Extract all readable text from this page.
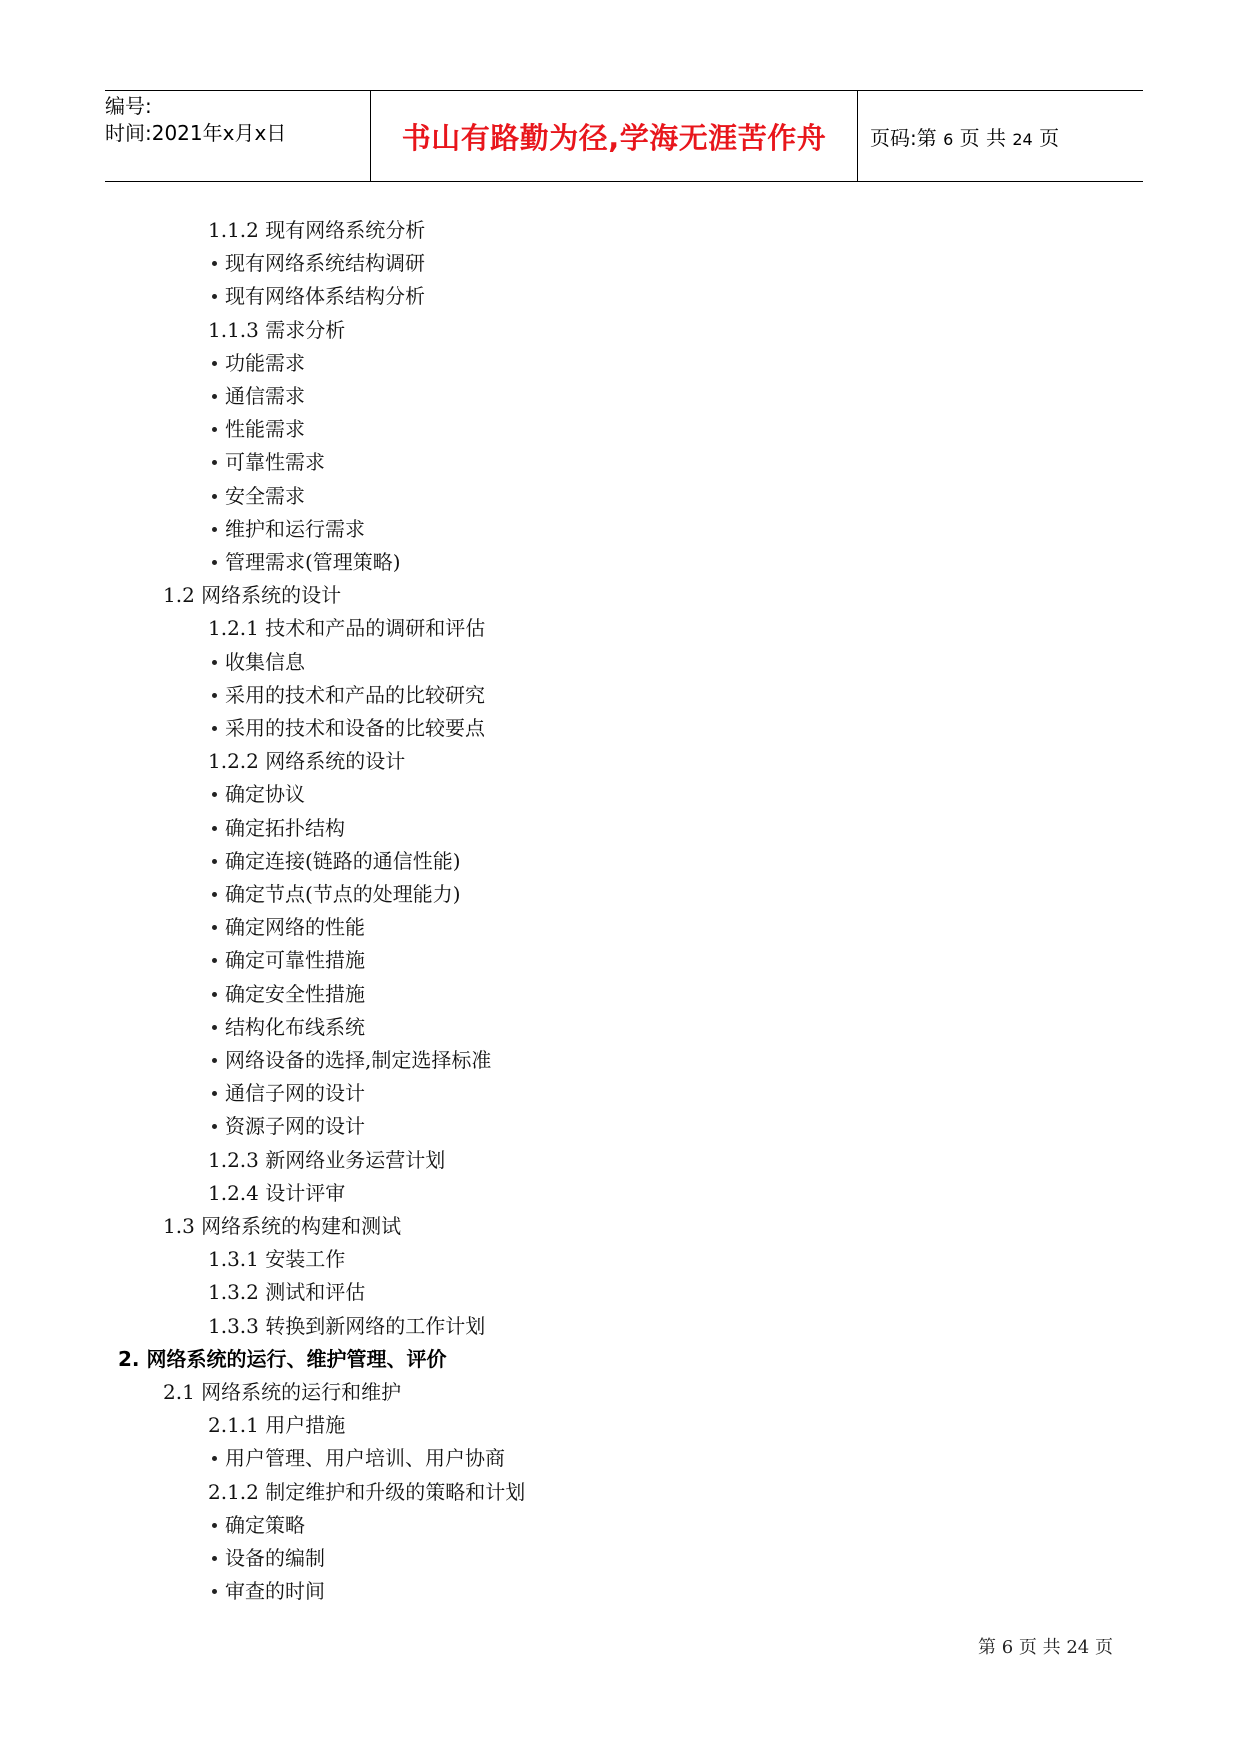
编号:
时间:2021年x月x日	书山有路勤为径,学海无涯苦作舟 页码:第 6 页 共 24 页
1.1.2 现有网络系统分析
现有网络系统结构调研
现有网络体系结构分析
1.1.3 需求分析
功能需求
通信需求
性能需求
可靠性需求
安全需求
维护和运行需求
管理需求(管理策略)
1.2 网络系统的设计
1.2.1 技术和产品的调研和评估
收集信息
采用的技术和产品的比较研究
采用的技术和设备的比较要点
1.2.2 网络系统的设计
确定协议
确定拓扑结构
确定连接(链路的通信性能)
确定节点(节点的处理能力)
确定网络的性能
确定可靠性措施
确定安全性措施
结构化布线系统
网络设备的选择,制定选择标准
通信子网的设计
资源子网的设计
1.2.3 新网络业务运营计划
1.2.4 设计评审
1.3 网络系统的构建和测试
1.3.1 安装工作
1.3.2 测试和评估
1.3.3 转换到新网络的工作计划
2. 网络系统的运行、维护管理、评价
2.1 网络系统的运行和维护
2.1.1 用户措施
用户管理、用户培训、用户协商
2.1.2 制定维护和升级的策略和计划
确定策略
设备的编制
审查的时间
第 6 页 共 24 页
